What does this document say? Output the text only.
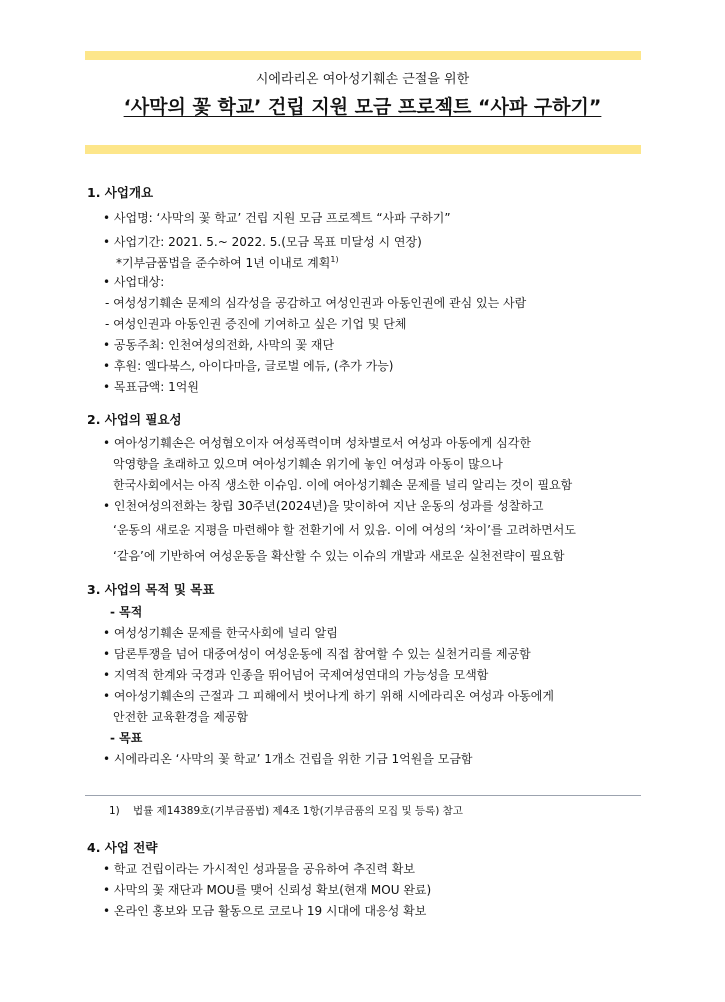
시에라리온 여아성기훼손 근절을 위한
‘사막의 꽃 학교’ 건립 지원 모금 프로젝트 “사파 구하기”
1. 사업개요
• 사업명: ‘사막의 꽃 학교’ 건립 지원 모금 프로젝트 “사파 구하기”
• 사업기간: 2021. 5.~ 2022. 5.(모금 목표 미달성 시 연장)
*기부금품법을 준수하여 1년 이내로 계획$^{1)}$
• 사업대상:
- 여성성기훼손 문제의 심각성을 공감하고 여성인권과 아동인권에 관심 있는 사람
- 여성인권과 아동인권 증진에 기여하고 싶은 기업 및 단체
• 공동주최: 인천여성의전화, 사막의 꽃 재단
• 후원: 엘다북스, 아이다마을, 글로벌 에듀, (추가 가능)
• 목표금액: 1억원
2. 사업의 필요성
• 여아성기훼손은 여성혐오이자 여성폭력이며 성차별로서 여성과 아동에게 심각한
악영향을 초래하고 있으며 여아성기훼손 위기에 놓인 여성과 아동이 많으나
한국사회에서는 아직 생소한 이슈임. 이에 여아성기훼손 문제를 널리 알리는 것이 필요함
• 인천여성의전화는 창립 30주년(2024년)을 맞이하여 지난 운동의 성과를 성찰하고
‘운동의 새로운 지평을 마련해야 할 전환기에 서 있음. 이에 여성의 ‘차이’를 고려하면서도
‘같음’에 기반하여 여성운동을 확산할 수 있는 이슈의 개발과 새로운 실천전략이 필요함
3. 사업의 목적 및 목표
- 목적
• 여성성기훼손 문제를 한국사회에 널리 알림
• 담론투쟁을 넘어 대중여성이 여성운동에 직접 참여할 수 있는 실천거리를 제공함
• 지역적 한계와 국경과 인종을 뛰어넘어 국제여성연대의 가능성을 모색함
• 여아성기훼손의 근절과 그 피해에서 벗어나게 하기 위해 시에라리온 여성과 아동에게
안전한 교육환경을 제공함
- 목표
• 시에라리온 ‘사막의 꽃 학교’ 1개소 건립을 위한 기금 1억원을 모금함
1) 법률 제14389호(기부금품법) 제4조 1항(기부금품의 모집 및 등록) 참고
4. 사업 전략
• 학교 건립이라는 가시적인 성과물을 공유하여 추진력 확보
• 사막의 꽃 재단과 MOU를 맺어 신뢰성 확보(현재 MOU 완료)
• 온라인 홍보와 모금 활동으로 코로나 19 시대에 대응성 확보
